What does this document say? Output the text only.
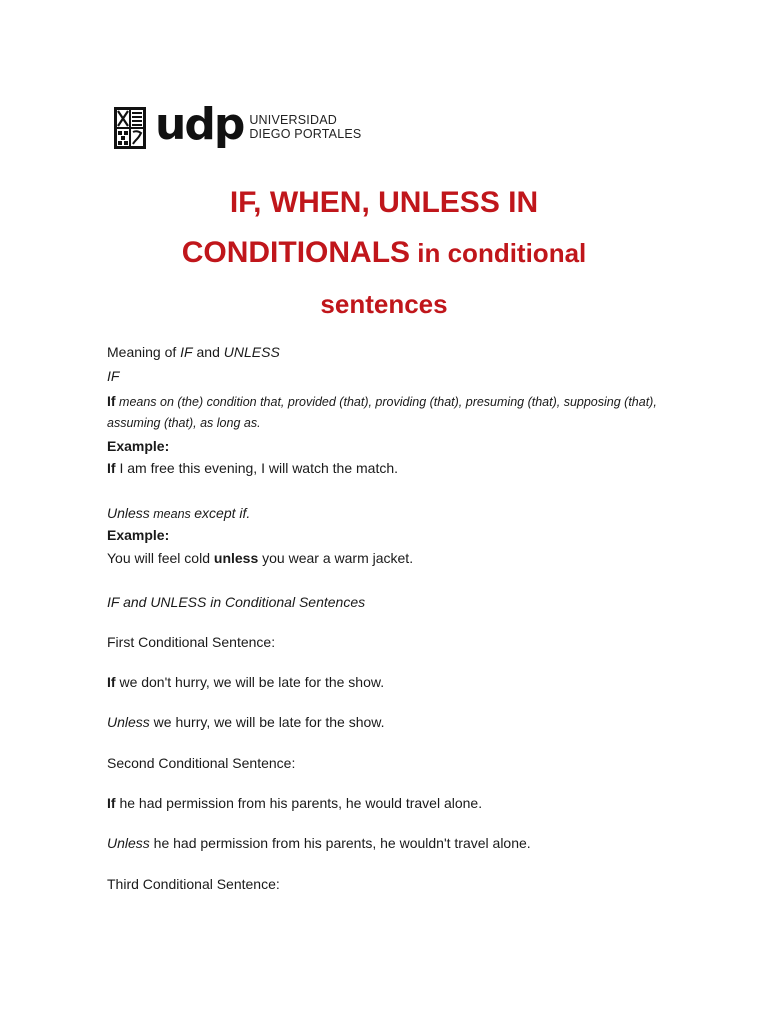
udp UNIVERSIDAD
DIEGO PORTALES
IF, WHEN, UNLESS IN
CONDITIONALS in conditional
sentences

Meaning of IF and UNLESS

IF

If means on (the) condition that, provided (that), providing (that), presuming (that), supposing (that),

assuming (that), as long as.

Example:

If I am free this evening, I will watch the match.

Unless means except if.

Example:

You will feel cold unless you wear a warm jacket.

IF and UNLESS in Conditional Sentences

First Conditional Sentence:

If we don't hurry, we will be late for the show.

Unless we hurry, we will be late for the show.

Second Conditional Sentence:

If he had permission from his parents, he would travel alone.

Unless he had permission from his parents, he wouldn't travel alone.

Third Conditional Sentence:
